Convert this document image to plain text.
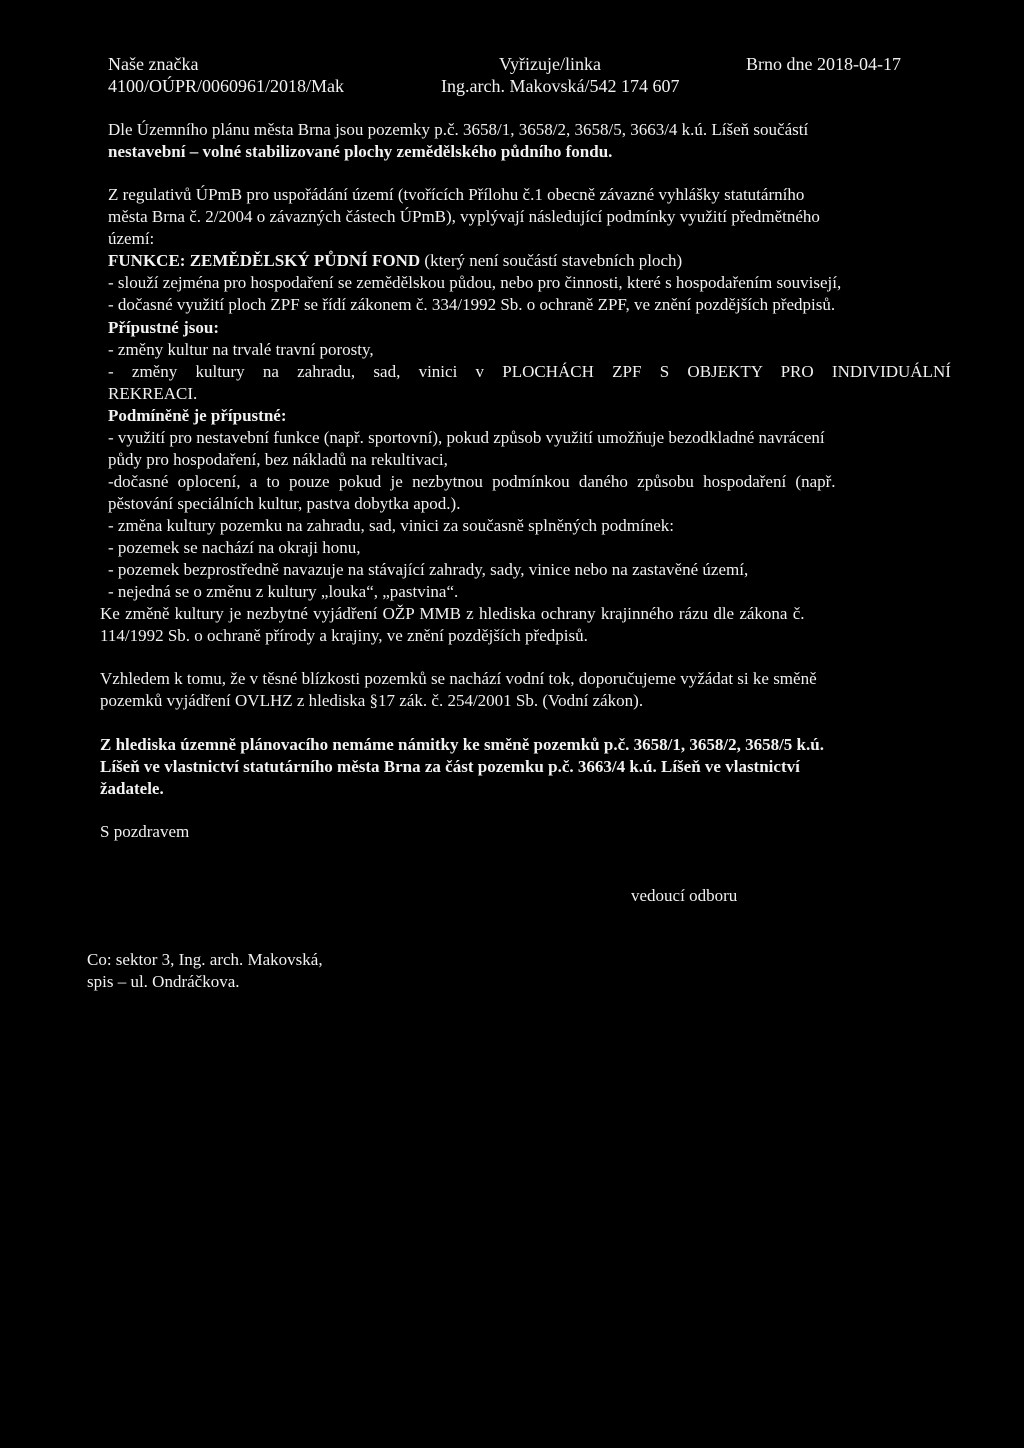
Naše značka
4100/OÚPR/0060961/2018/Mak
Vyřizuje/linka
Ing.arch. Makovská/542 174 607
Brno dne 2018-04-17
Dle Územního plánu města Brna jsou pozemky p.č. 3658/1, 3658/2, 3658/5, 3663/4 k.ú. Líšeň součástí
nestavební – volné stabilizované plochy zemědělského půdního fondu.
Z regulativů ÚPmB pro uspořádání území (tvořících Přílohu č.1 obecně závazné vyhlášky statutárního
města Brna č. 2/2004 o závazných částech ÚPmB), vyplývají následující podmínky využití předmětného
území:
FUNKCE: ZEMĚDĚLSKÝ PŮDNÍ FOND (který není součástí stavebních ploch)
- slouží zejména pro hospodaření se zemědělskou půdou, nebo pro činnosti, které s hospodařením souvisejí,
- dočasné využití ploch ZPF se řídí zákonem č. 334/1992 Sb. o ochraně ZPF, ve znění pozdějších předpisů.
Přípustné jsou:
- změny kultur na trvalé travní porosty,
- změny kultury na zahradu, sad, vinici v PLOCHÁCH ZPF S OBJEKTY PRO INDIVIDUÁLNÍ
REKREACI.
Podmíněně je přípustné:
- využití pro nestavební funkce (např. sportovní), pokud způsob využití umožňuje bezodkladné navrácení
půdy pro hospodaření, bez nákladů na rekultivaci,
-dočasné oplocení, a to pouze pokud je nezbytnou podmínkou daného způsobu hospodaření (např.
pěstování speciálních kultur, pastva dobytka apod.).
- změna kultury pozemku na zahradu, sad, vinici za současně splněných podmínek:
- pozemek se nachází na okraji honu,
- pozemek bezprostředně navazuje na stávající zahrady, sady, vinice nebo na zastavěné území,
- nejedná se o změnu z kultury „louka“, „pastvina“.
Ke změně kultury je nezbytné vyjádření OŽP MMB z hlediska ochrany krajinného rázu dle zákona č.
114/1992 Sb. o ochraně přírody a krajiny, ve znění pozdějších předpisů.
Vzhledem k tomu, že v těsné blízkosti pozemků se nachází vodní tok, doporučujeme vyžádat si ke směně
pozemků vyjádření OVLHZ z hlediska §17 zák. č. 254/2001 Sb. (Vodní zákon).
Z hlediska územně plánovacího nemáme námitky ke směně pozemků p.č. 3658/1, 3658/2, 3658/5 k.ú.
Líšeň ve vlastnictví statutárního města Brna za část pozemku p.č. 3663/4 k.ú. Líšeň ve vlastnictví
žadatele.
S pozdravem
vedoucí odboru
Co: sektor 3, Ing. arch. Makovská,
spis – ul. Ondráčkova.
